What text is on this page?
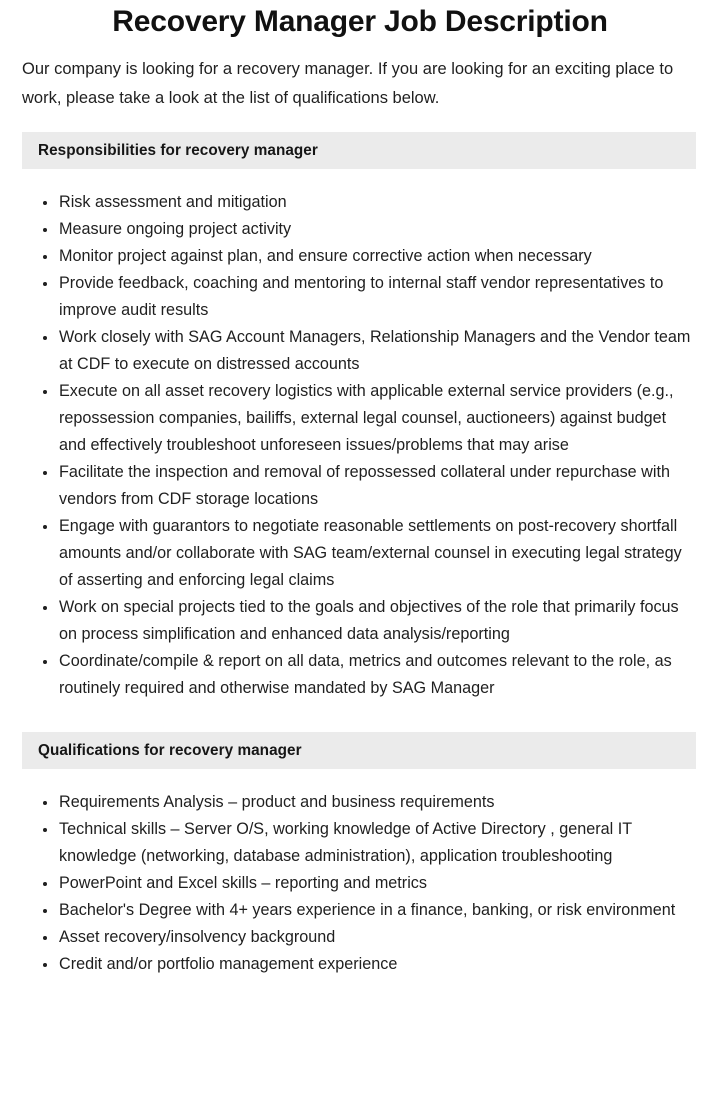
Recovery Manager Job Description

Our company is looking for a recovery manager. If you are looking for an exciting place to work, please take a look at the list of qualifications below.

Responsibilities for recovery manager
Risk assessment and mitigation
Measure ongoing project activity
Monitor project against plan, and ensure corrective action when necessary
Provide feedback, coaching and mentoring to internal staff vendor representatives to improve audit results
Work closely with SAG Account Managers, Relationship Managers and the Vendor team at CDF to execute on distressed accounts
Execute on all asset recovery logistics with applicable external service providers (e.g., repossession companies, bailiffs, external legal counsel, auctioneers) against budget and effectively troubleshoot unforeseen issues/problems that may arise
Facilitate the inspection and removal of repossessed collateral under repurchase with vendors from CDF storage locations
Engage with guarantors to negotiate reasonable settlements on post-recovery shortfall amounts and/or collaborate with SAG team/external counsel in executing legal strategy of asserting and enforcing legal claims
Work on special projects tied to the goals and objectives of the role that primarily focus on process simplification and enhanced data analysis/reporting
Coordinate/compile & report on all data, metrics and outcomes relevant to the role, as routinely required and otherwise mandated by SAG Manager
Qualifications for recovery manager
Requirements Analysis – product and business requirements
Technical skills – Server O/S, working knowledge of Active Directory , general IT knowledge (networking, database administration), application troubleshooting
PowerPoint and Excel skills – reporting and metrics
Bachelor's Degree with 4+ years experience in a finance, banking, or risk environment
Asset recovery/insolvency background
Credit and/or portfolio management experience
